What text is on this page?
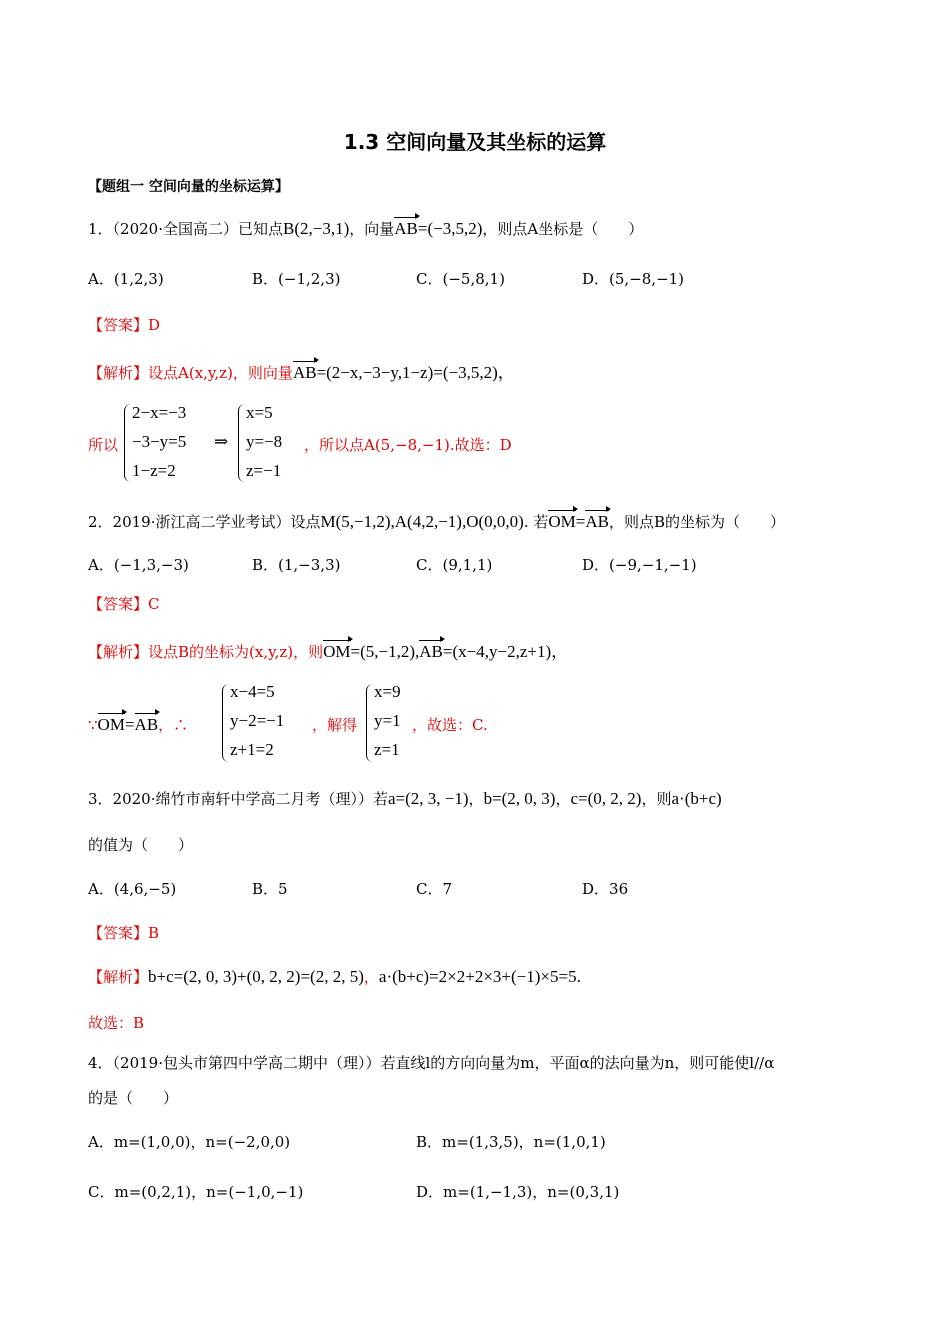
1.3 空间向量及其坐标的运算
【题组一 空间向量的坐标运算】
1．（2020·全国高二）已知点B(2,−3,1)，向量AB=(−3,5,2)，则点A坐标是（　　）
A．(1,2,3)	B．(−1,2,3)	C．(−5,8,1)	D．(5,−8,−1)
【答案】D
【解析】设点A(x,y,z)，则向量AB=(2−x,−3−y,1−z)=(−3,5,2)，
所以
2−x=−3
−3−y=5
1−z=2
⇒
x=5
y=−8
z=−1
，所以点A(5,−8,−1).故选：D
2．2019·浙江高二学业考试）设点M(5,−1,2),A(4,2,−1),O(0,0,0). 若OM=AB，则点B的坐标为（　　）
A．(−1,3,−3)	B．(1,−3,3)	C．(9,1,1)	D．(−9,−1,−1)
【答案】C
【解析】设点B的坐标为(x,y,z)，则OM=(5,−1,2),AB=(x−4,y−2,z+1)，
∵OM=AB，∴
x−4=5
y−2=−1
z+1=2
，解得
x=9
y=1
z=1
，故选：C.
3．2020·绵竹市南轩中学高二月考（理））若a=(2, 3, −1)，b=(2, 0, 3)，c=(0, 2, 2)，则a·(b+c)
的值为（　　）
A．(4,6,−5)	B．5	C．7	D．36
【答案】B
【解析】b+c=(2, 0, 3)+(0, 2, 2)=(2, 2, 5)，a·(b+c)=2×2+2×3+(−1)×5=5.
故选：B
4．（2019·包头市第四中学高二期中（理））若直线l的方向向量为m，平面α的法向量为n，则可能使l//α
的是（　　）
A．m=(1,0,0)，n=(−2,0,0)	B．m=(1,3,5)，n=(1,0,1)
C．m=(0,2,1)，n=(−1,0,−1)	D．m=(1,−1,3)，n=(0,3,1)
